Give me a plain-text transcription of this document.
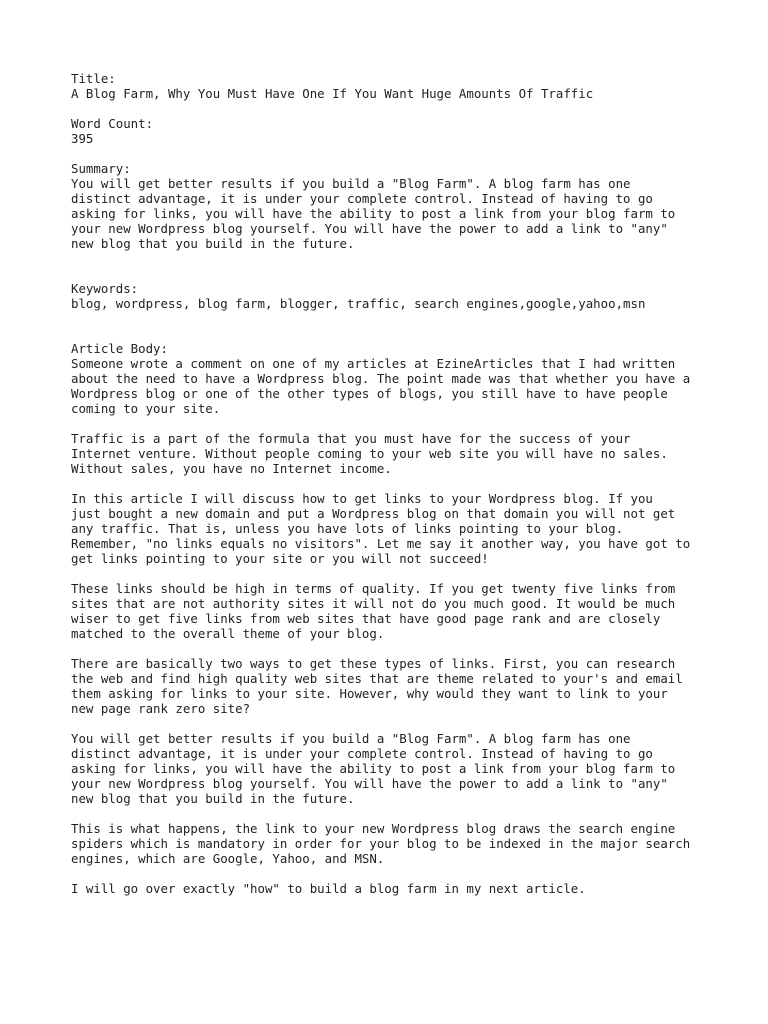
Title:

A Blog Farm, Why You Must Have One If You Want Huge Amounts Of Traffic

Word Count:

395

Summary:

You will get better results if you build a "Blog Farm". A blog farm has one
distinct advantage, it is under your complete control. Instead of having to go
asking for links, you will have the ability to post a link from your blog farm to
your new Wordpress blog yourself. You will have the power to add a link to "any"
new blog that you build in the future.

Keywords:

blog, wordpress, blog farm, blogger, traffic, search engines,google,yahoo,msn

Article Body:

Someone wrote a comment on one of my articles at EzineArticles that I had written
about the need to have a Wordpress blog. The point made was that whether you have a
Wordpress blog or one of the other types of blogs, you still have to have people
coming to your site.

Traffic is a part of the formula that you must have for the success of your
Internet venture. Without people coming to your web site you will have no sales.
Without sales, you have no Internet income.

In this article I will discuss how to get links to your Wordpress blog. If you
just bought a new domain and put a Wordpress blog on that domain you will not get
any traffic. That is, unless you have lots of links pointing to your blog.
Remember, "no links equals no visitors". Let me say it another way, you have got to
get links pointing to your site or you will not succeed!

These links should be high in terms of quality. If you get twenty five links from
sites that are not authority sites it will not do you much good. It would be much
wiser to get five links from web sites that have good page rank and are closely
matched to the overall theme of your blog.

There are basically two ways to get these types of links. First, you can research
the web and find high quality web sites that are theme related to your's and email
them asking for links to your site. However, why would they want to link to your
new page rank zero site?

You will get better results if you build a "Blog Farm". A blog farm has one
distinct advantage, it is under your complete control. Instead of having to go
asking for links, you will have the ability to post a link from your blog farm to
your new Wordpress blog yourself. You will have the power to add a link to "any"
new blog that you build in the future.

This is what happens, the link to your new Wordpress blog draws the search engine
spiders which is mandatory in order for your blog to be indexed in the major search
engines, which are Google, Yahoo, and MSN.

I will go over exactly "how" to build a blog farm in my next article.
